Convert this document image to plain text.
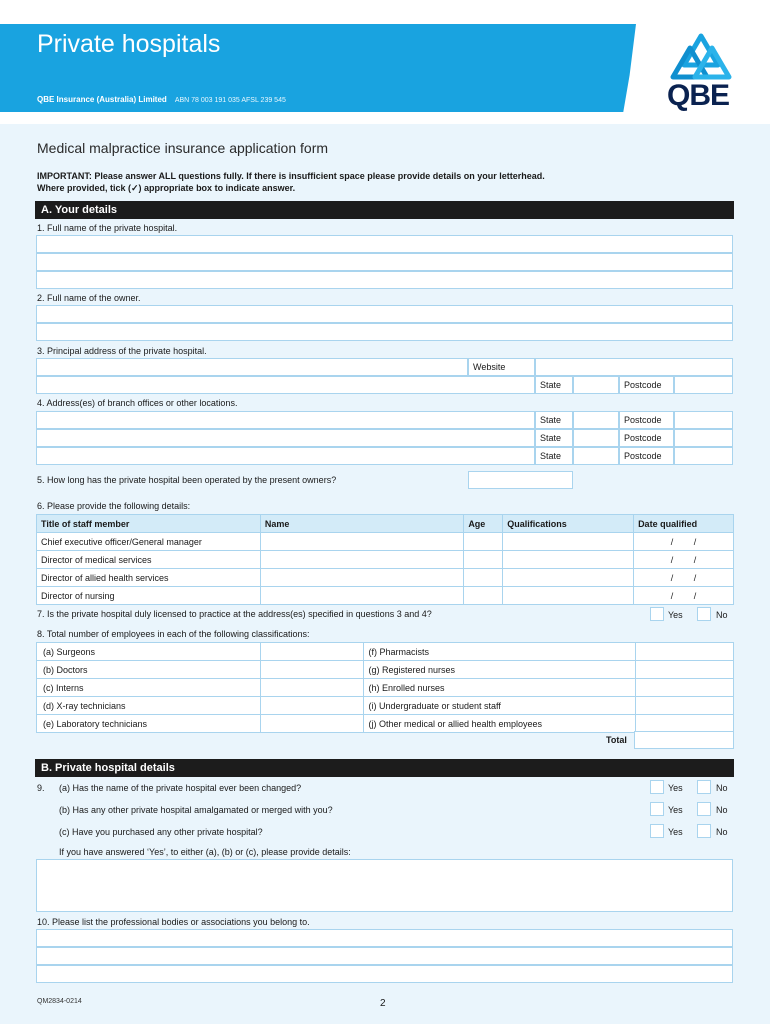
Private hospitals
QBE Insurance (Australia) Limited ABN 78 003 191 035 AFSL 239 545	QBE
Medical malpractice insurance application form
IMPORTANT: Please answer ALL questions fully. If there is insufficient space please provide details on your letterhead.
Where provided, tick (✓) appropriate box to indicate answer.
A. Your details
1. Full name of the private hospital.
2. Full name of the owner.
3. Principal address of the private hospital.
Website
State	Postcode
4. Address(es) of branch offices or other locations.
State	Postcode
State	Postcode
State	Postcode
5. How long has the private hospital been operated by the present owners?
6. Please provide the following details:
Title of staff member	Name	Age	Qualifications	Date qualified
Chief executive officer/General manager				/ /
Director of medical services				/ /
Director of allied health services				/ /
Director of nursing				/ /
7. Is the private hospital duly licensed to practice at the address(es) specified in questions 3 and 4?	Yes	No
8. Total number of employees in each of the following classifications:
(a) Surgeons		(f) Pharmacists	
(b) Doctors		(g) Registered nurses	
(c) Interns		(h) Enrolled nurses	
(d) X-ray technicians		(i) Undergraduate or student staff	
(e) Laboratory technicians		(j) Other medical or allied health employees	
Total
B. Private hospital details
9. (a) Has the name of the private hospital ever been changed?	Yes	No
(b) Has any other private hospital amalgamated or merged with you?	Yes	No
(c) Have you purchased any other private hospital?	Yes	No
If you have answered ‘Yes’, to either (a), (b) or (c), please provide details:
10. Please list the professional bodies or associations you belong to.
QM2834-0214	2
